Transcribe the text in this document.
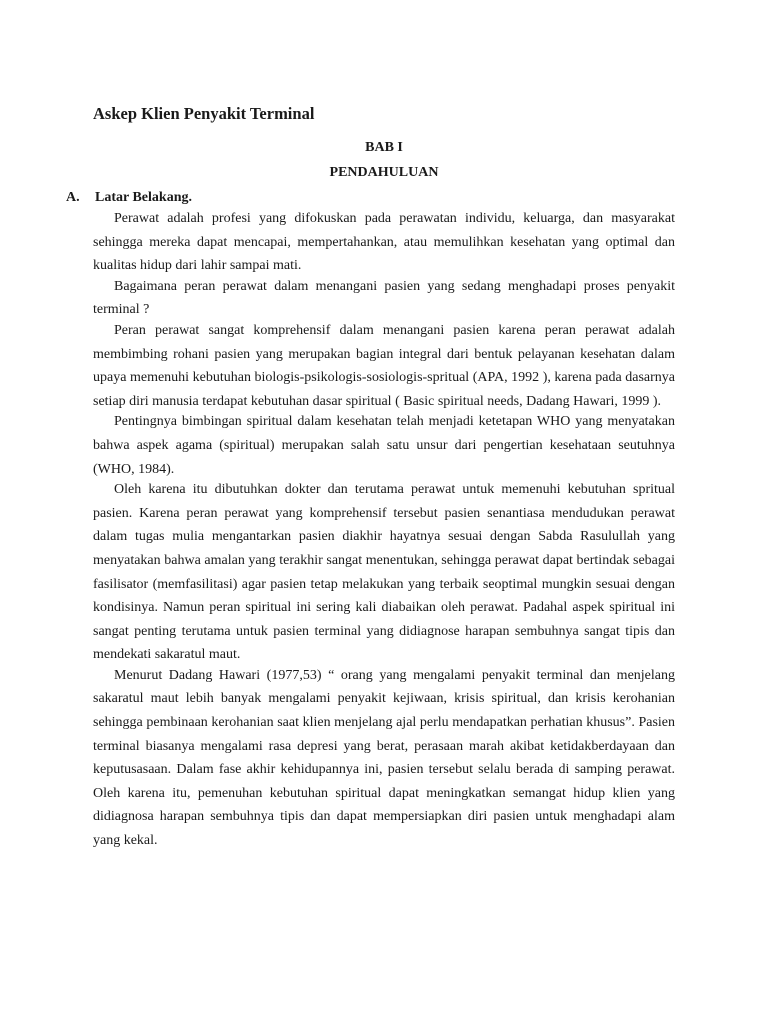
Askep Klien Penyakit Terminal
BAB I
PENDAHULUAN
A. Latar Belakang.

Perawat adalah profesi yang difokuskan pada perawatan individu, keluarga, dan masyarakat sehingga mereka dapat mencapai, mempertahankan, atau memulihkan kesehatan yang optimal dan kualitas hidup dari lahir sampai mati.

Bagaimana peran perawat dalam menangani pasien yang sedang menghadapi proses penyakit terminal ?

Peran perawat sangat komprehensif dalam menangani pasien karena peran perawat adalah membimbing rohani pasien yang merupakan bagian integral dari bentuk pelayanan kesehatan dalam upaya memenuhi kebutuhan biologis-psikologis-sosiologis-spritual (APA, 1992 ), karena pada dasarnya setiap diri manusia terdapat kebutuhan dasar spiritual ( Basic spiritual needs, Dadang Hawari, 1999 ).

Pentingnya bimbingan spiritual dalam kesehatan telah menjadi ketetapan WHO yang menyatakan bahwa aspek agama (spiritual) merupakan salah satu unsur dari pengertian kesehataan seutuhnya (WHO, 1984).

Oleh karena itu dibutuhkan dokter dan terutama perawat untuk memenuhi kebutuhan spritual pasien. Karena peran perawat yang komprehensif tersebut pasien senantiasa mendudukan perawat dalam tugas mulia mengantarkan pasien diakhir hayatnya sesuai dengan Sabda Rasulullah yang menyatakan bahwa amalan yang terakhir sangat menentukan, sehingga perawat dapat bertindak sebagai fasilisator (memfasilitasi) agar pasien tetap melakukan yang terbaik seoptimal mungkin sesuai dengan kondisinya. Namun peran spiritual ini sering kali diabaikan oleh perawat. Padahal aspek spiritual ini sangat penting terutama untuk pasien terminal yang didiagnose harapan sembuhnya sangat tipis dan mendekati sakaratul maut.

Menurut Dadang Hawari (1977,53) “ orang yang mengalami penyakit terminal dan menjelang sakaratul maut lebih banyak mengalami penyakit kejiwaan, krisis spiritual, dan krisis kerohanian sehingga pembinaan kerohanian saat klien menjelang ajal perlu mendapatkan perhatian khusus”. Pasien terminal biasanya mengalami rasa depresi yang berat, perasaan marah akibat ketidakberdayaan dan keputusasaan. Dalam fase akhir kehidupannya ini, pasien tersebut selalu berada di samping perawat. Oleh karena itu, pemenuhan kebutuhan spiritual dapat meningkatkan semangat hidup klien yang didiagnosa harapan sembuhnya tipis dan dapat mempersiapkan diri pasien untuk menghadapi alam yang kekal.
